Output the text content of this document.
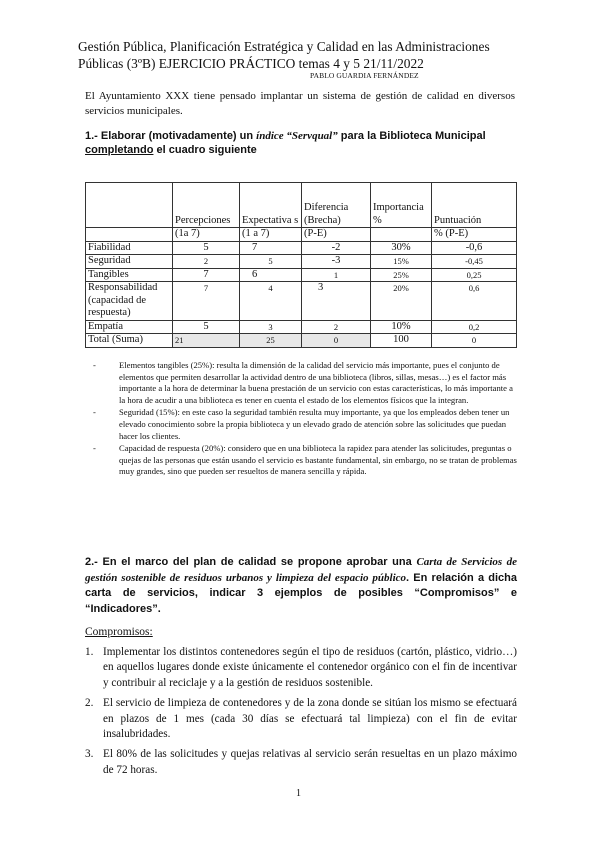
Gestión Pública, Planificación Estratégica y Calidad en las Administraciones
Públicas (3ºB) EJERCICIO PRÁCTICO temas 4 y 5 21/11/2022
PABLO GUARDIA FERNÁNDEZ
El Ayuntamiento XXX tiene pensado implantar un sistema de gestión de calidad en diversos servicios municipales.
1.- Elaborar (motivadamente) un índice “Servqual” para la Biblioteca Municipal completando el cuadro siguiente
	Percepciones	Expectativa s	Diferencia (Brecha)	Importancia %	Puntuación
	(1a 7)	(1 a 7)	(P-E)		% (P-E)
Fiabilidad	5	7	-2	30%	-0,6
Seguridad	2	5	-3	15%	-0,45
Tangibles	7	6	1	25%	0,25
Responsabilidad (capacidad de respuesta)	7	4	3	20%	0,6
Empatía	5	3	2	10%	0,2
Total (Suma)	21	25	0	100	0
-	Elementos tangibles (25%): resulta la dimensión de la calidad del servicio más importante, pues el conjunto de elementos que permiten desarrollar la actividad dentro de una biblioteca (libros, sillas, mesas…) es el factor más importante a la hora de determinar la buena prestación de un servicio con estas características, lo más importante a la hora de acudir a una biblioteca es tener en cuenta el estado de los elementos físicos que la integran.
-	Seguridad (15%): en este caso la seguridad también resulta muy importante, ya que los empleados deben tener un elevado conocimiento sobre la propia biblioteca y un elevado grado de atención sobre las solicitudes que puedan hacer los clientes.
-	Capacidad de respuesta (20%): considero que en una biblioteca la rapidez para atender las solicitudes, preguntas o quejas de las personas que están usando el servicio es bastante fundamental, sin embargo, no se tratan de problemas muy grandes, sino que pueden ser resueltos de manera sencilla y rápida.
2.- En el marco del plan de calidad se propone aprobar una Carta de Servicios de gestión sostenible de residuos urbanos y limpieza del espacio público. En relación a dicha carta de servicios, indicar 3 ejemplos de posibles “Compromisos” e “Indicadores”.
Compromisos:
1. Implementar los distintos contenedores según el tipo de residuos (cartón, plástico, vidrio…) en aquellos lugares donde existe únicamente el contenedor orgánico con el fin de incentivar y contribuir al reciclaje y a la gestión de residuos sostenible.
2. El servicio de limpieza de contenedores y de la zona donde se sitúan los mismo se efectuará en plazos de 1 mes (cada 30 días se efectuará tal limpieza) con el fin de evitar insalubridades.
3. El 80% de las solicitudes y quejas relativas al servicio serán resueltas en un plazo máximo de 72 horas.
1
